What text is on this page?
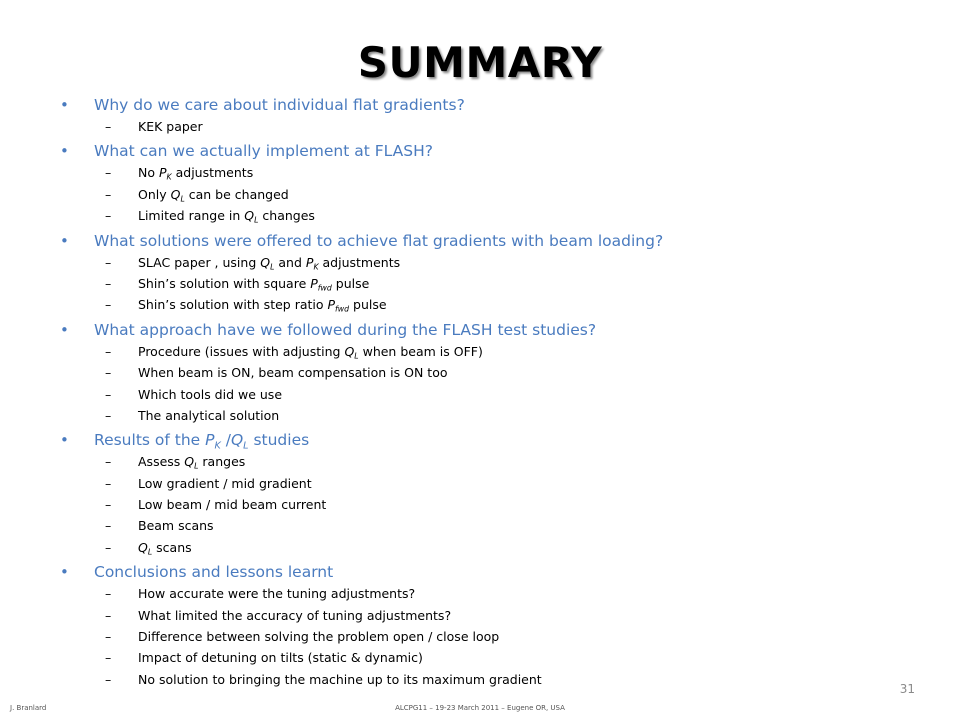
SUMMARY
• Why do we care about individual flat gradients?
– KEK paper
• What can we actually implement at FLASH?
– No $P_K$ adjustments
– Only $Q_L$ can be changed
– Limited range in $Q_L$ changes
• What solutions were offered to achieve flat gradients with beam loading?
– SLAC paper , using $Q_L$ and $P_K$ adjustments
– Shin’s solution with square $P_{fwd}$ pulse
– Shin’s solution with step ratio $P_{fwd}$ pulse
• What approach have we followed during the FLASH test studies?
– Procedure (issues with adjusting $Q_L$ when beam is OFF)
– When beam is ON, beam compensation is ON too
– Which tools did we use
– The analytical solution
• Results of the $P_K$ $/Q_L$ studies
– Assess $Q_L$ ranges
– Low gradient / mid gradient
– Low beam / mid beam current
– Beam scans
– $Q_L$ scans
• Conclusions and lessons learnt
– How accurate were the tuning adjustments?
– What limited the accuracy of tuning adjustments?
– Difference between solving the problem open / close loop
– Impact of detuning on tilts (static & dynamic)
– No solution to bringing the machine up to its maximum gradient
31
J. Branlard	ALCPG11 – 19-23 March 2011 – Eugene OR, USA
